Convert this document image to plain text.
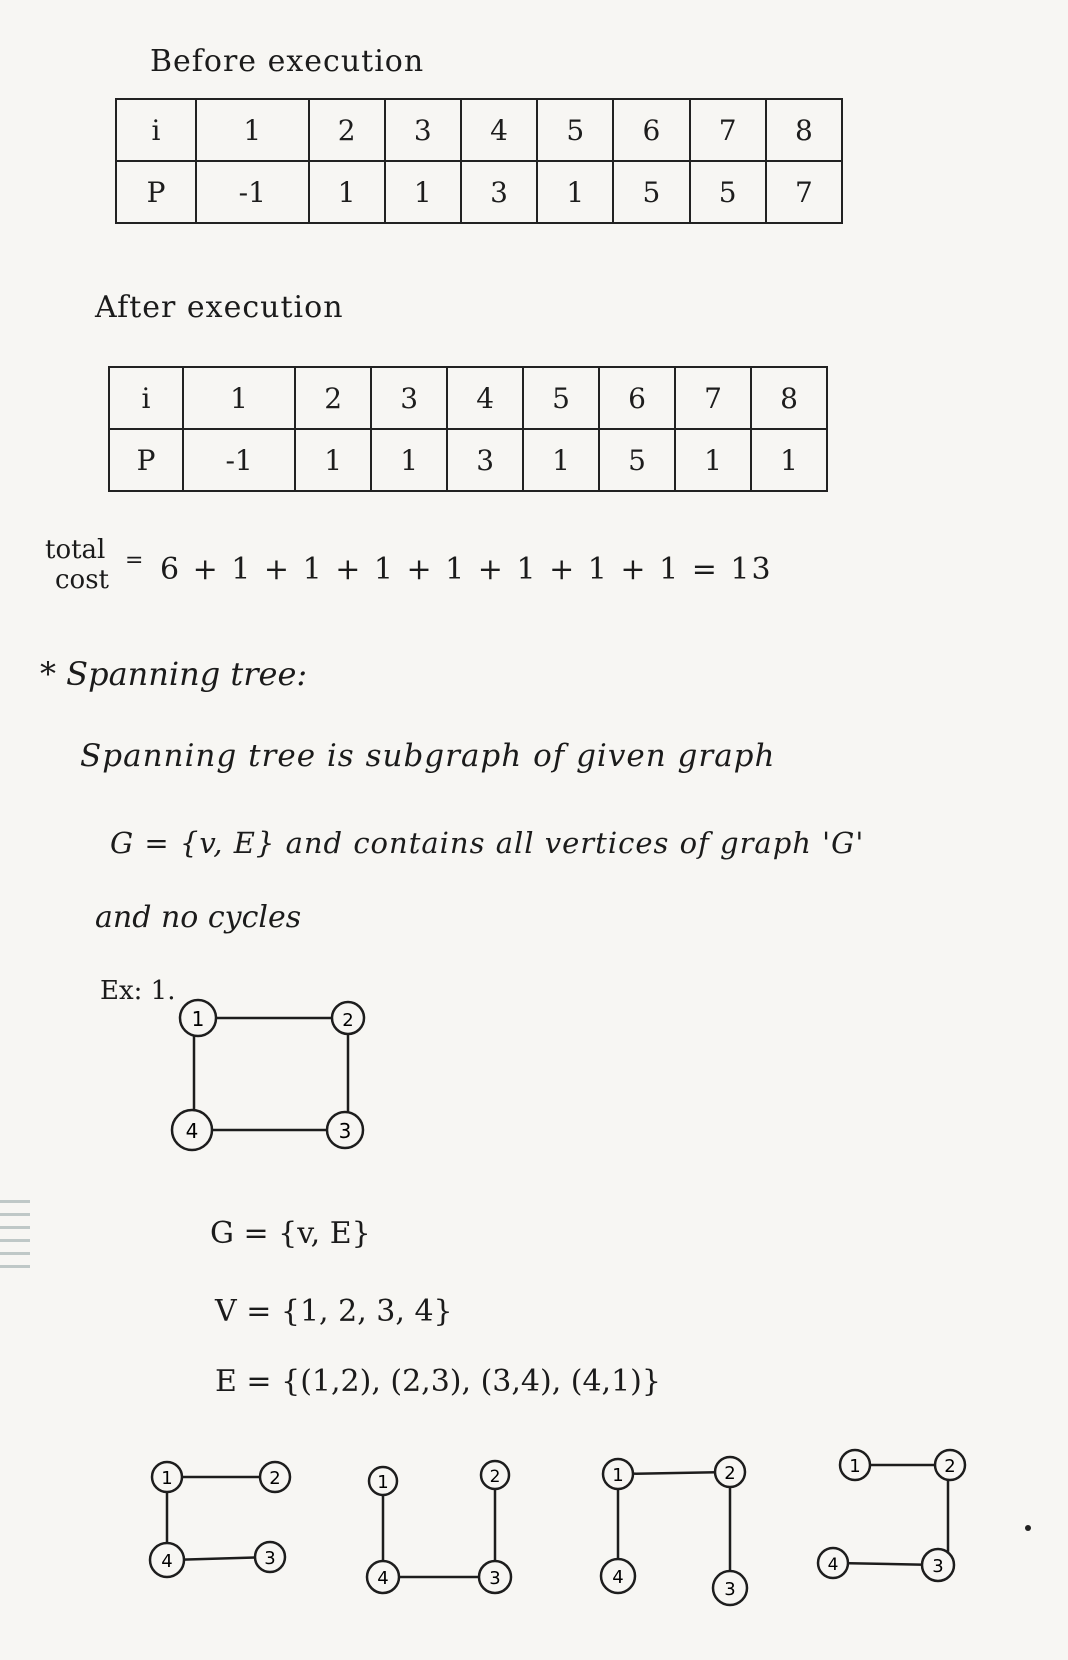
Before execution
i	1	2	3	4	5	6	7	8
P	-1	1	1	3	1	5	5	7
After execution
i	1	2	3	4	5	6	7	8
P	-1	1	1	3	1	5	1	1
total
cost
= 6 + 1 + 1 + 1 + 1 + 1 + 1 + 1 = 13
* Spanning tree:
Spanning tree is subgraph of given graph
G = {v, E} and contains all vertices of graph 'G'
and no cycles
Ex: 1.
1	2
3
4
G = {v, E}
V = {1, 2, 3, 4}
E = {(1,2), (2,3), (3,4), (4,1)}
1	2
3
4
1	2
3
4
1	2
3
4
1	2
3
4
